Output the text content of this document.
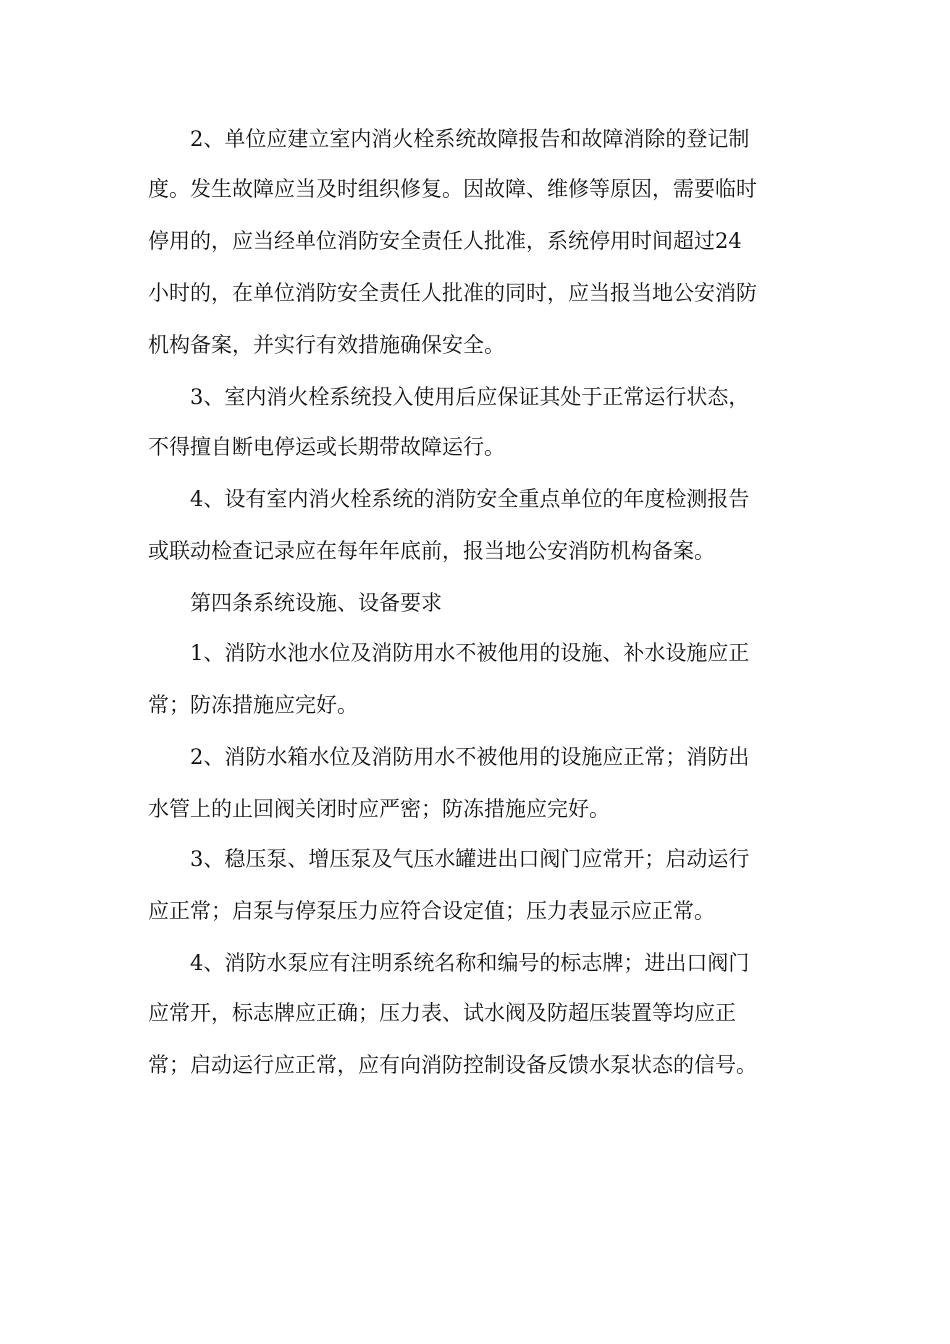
2、单位应建立室内消火栓系统故障报告和故障消除的登记制

度。发生故障应当及时组织修复。因故障、维修等原因，需要临时

停用的，应当经单位消防安全责任人批准，系统停用时间超过24

小时的，在单位消防安全责任人批准的同时，应当报当地公安消防

机构备案，并实行有效措施确保安全。

3、室内消火栓系统投入使用后应保证其处于正常运行状态，

不得擅自断电停运或长期带故障运行。

4、设有室内消火栓系统的消防安全重点单位的年度检测报告

或联动检查记录应在每年年底前，报当地公安消防机构备案。

第四条系统设施、设备要求

1、消防水池水位及消防用水不被他用的设施、补水设施应正

常；防冻措施应完好。

2、消防水箱水位及消防用水不被他用的设施应正常；消防出

水管上的止回阀关闭时应严密；防冻措施应完好。

3、稳压泵、增压泵及气压水罐进出口阀门应常开；启动运行

应正常；启泵与停泵压力应符合设定值；压力表显示应正常。

4、消防水泵应有注明系统名称和编号的标志牌；进出口阀门

应常开，标志牌应正确；压力表、试水阀及防超压装置等均应正

常；启动运行应正常，应有向消防控制设备反馈水泵状态的信号。
